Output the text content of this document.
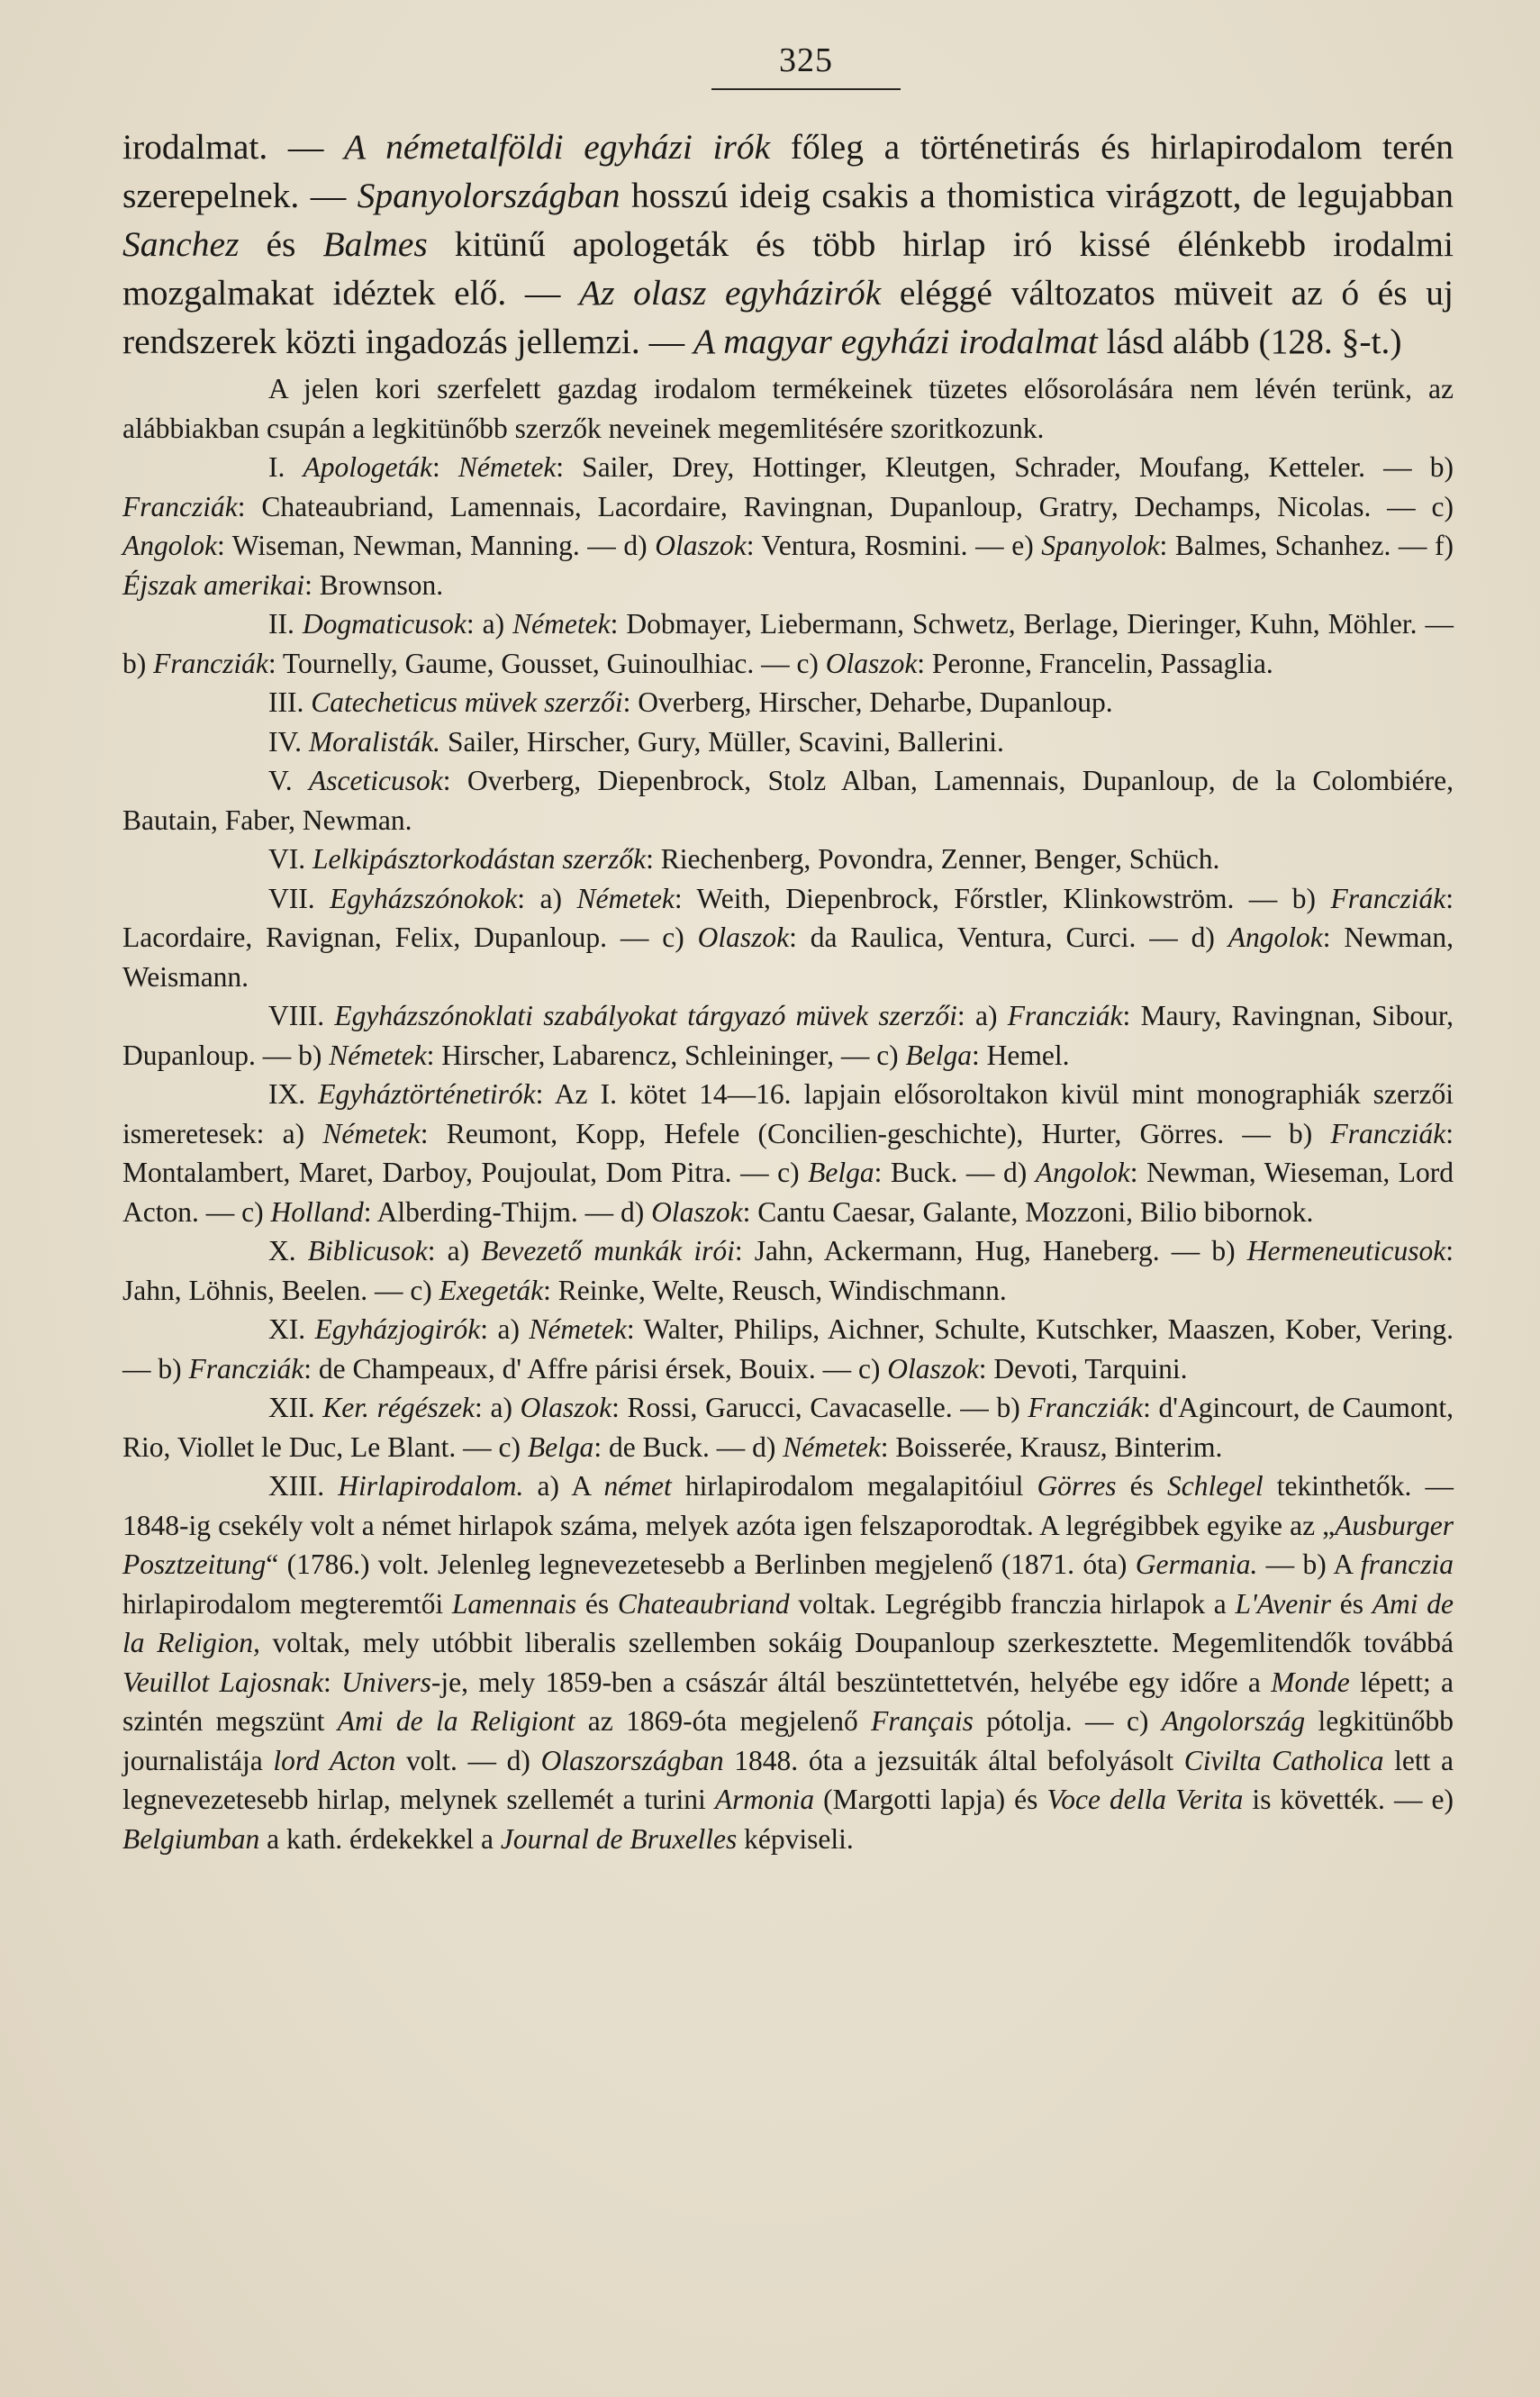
325

irodalmat. — A németalföldi egyházi irók főleg a történetirás és hirlapirodalom terén szerepelnek. — Spanyolországban hosszú ideig csakis a thomistica virágzott, de legujabban Sanchez és Balmes kitünű apologeták és több hirlap iró kissé élénkebb irodalmi mozgalmakat idéztek elő. — Az olasz egyházirók eléggé változatos müveit az ó és uj rendszerek közti ingadozás jellemzi. — A magyar egyházi irodalmat lásd alább (128. §-t.)

A jelen kori szerfelett gazdag irodalom termékeinek tüzetes elősorolására nem lévén terünk, az alábbiakban csupán a legkitünőbb szerzők neveinek megemlitésére szoritkozunk.

I. Apologeták: Németek: Sailer, Drey, Hottinger, Kleutgen, Schrader, Moufang, Ketteler. — b) Francziák: Chateaubriand, Lamennais, Lacordaire, Ravingnan, Dupanloup, Gratry, Dechamps, Nicolas. — c) Angolok: Wiseman, Newman, Manning. — d) Olaszok: Ventura, Rosmini. — e) Spanyolok: Balmes, Schanhez. — f) Éjszak amerikai: Brownson.

II. Dogmaticusok: a) Németek: Dobmayer, Liebermann, Schwetz, Berlage, Dieringer, Kuhn, Möhler. — b) Francziák: Tournelly, Gaume, Gousset, Guinoulhiac. — c) Olaszok: Peronne, Francelin, Passaglia.

III. Catecheticus müvek szerzői: Overberg, Hirscher, Deharbe, Dupanloup.

IV. Moralisták. Sailer, Hirscher, Gury, Müller, Scavini, Ballerini.

V. Asceticusok: Overberg, Diepenbrock, Stolz Alban, Lamennais, Dupanloup, de la Colombiére, Bautain, Faber, Newman.

VI. Lelkipásztorkodástan szerzők: Riechenberg, Povondra, Zenner, Benger, Schüch.

VII. Egyházszónokok: a) Németek: Weith, Diepenbrock, Főrstler, Klinkowström. — b) Francziák: Lacordaire, Ravignan, Felix, Dupanloup. — c) Olaszok: da Raulica, Ventura, Curci. — d) Angolok: Newman, Weismann.

VIII. Egyházszónoklati szabályokat tárgyazó müvek szerzői: a) Francziák: Maury, Ravingnan, Sibour, Dupanloup. — b) Németek: Hirscher, Labarencz, Schleininger, — c) Belga: Hemel.

IX. Egyháztörténetirók: Az I. kötet 14—16. lapjain elősoroltakon kivül mint monographiák szerzői ismeretesek: a) Németek: Reumont, Kopp, Hefele (Concilien-geschichte), Hurter, Görres. — b) Francziák: Montalambert, Maret, Darboy, Poujoulat, Dom Pitra. — c) Belga: Buck. — d) Angolok: Newman, Wieseman, Lord Acton. — c) Holland: Alberding-Thijm. — d) Olaszok: Cantu Caesar, Galante, Mozzoni, Bilio bibornok.

X. Biblicusok: a) Bevezető munkák irói: Jahn, Ackermann, Hug, Haneberg. — b) Hermeneuticusok: Jahn, Löhnis, Beelen. — c) Exegeták: Reinke, Welte, Reusch, Windischmann.

XI. Egyházjogirók: a) Németek: Walter, Philips, Aichner, Schulte, Kutschker, Maaszen, Kober, Vering. — b) Francziák: de Champeaux, d' Affre párisi érsek, Bouix. — c) Olaszok: Devoti, Tarquini.

XII. Ker. régészek: a) Olaszok: Rossi, Garucci, Cavacaselle. — b) Francziák: d'Agincourt, de Caumont, Rio, Viollet le Duc, Le Blant. — c) Belga: de Buck. — d) Németek: Boisserée, Krausz, Binterim.

XIII. Hirlapirodalom. a) A német hirlapirodalom megalapitóiul Görres és Schlegel tekinthetők. — 1848-ig csekély volt a német hirlapok száma, melyek azóta igen felszaporodtak. A legrégibbek egyike az „Ausburger Posztzeitung“ (1786.) volt. Jelenleg legnevezetesebb a Berlinben megjelenő (1871. óta) Germania. — b) A franczia hirlapirodalom megteremtői Lamennais és Chateaubriand voltak. Legrégibb franczia hirlapok a L'Avenir és Ami de la Religion, voltak, mely utóbbit liberalis szellemben sokáig Doupanloup szerkesztette. Megemlitendők továbbá Veuillot Lajosnak: Univers-je, mely 1859-ben a császár áltál beszüntettetvén, helyébe egy időre a Monde lépett; a szintén megszünt Ami de la Religiont az 1869-óta megjelenő Français pótolja. — c) Angolország legkitünőbb journalistája lord Acton volt. — d) Olaszországban 1848. óta a jezsuiták által befolyásolt Civilta Catholica lett a legnevezetesebb hirlap, melynek szellemét a turini Armonia (Margotti lapja) és Voce della Verita is követték. — e) Belgiumban a kath. érdekekkel a Journal de Bruxelles képviseli.
